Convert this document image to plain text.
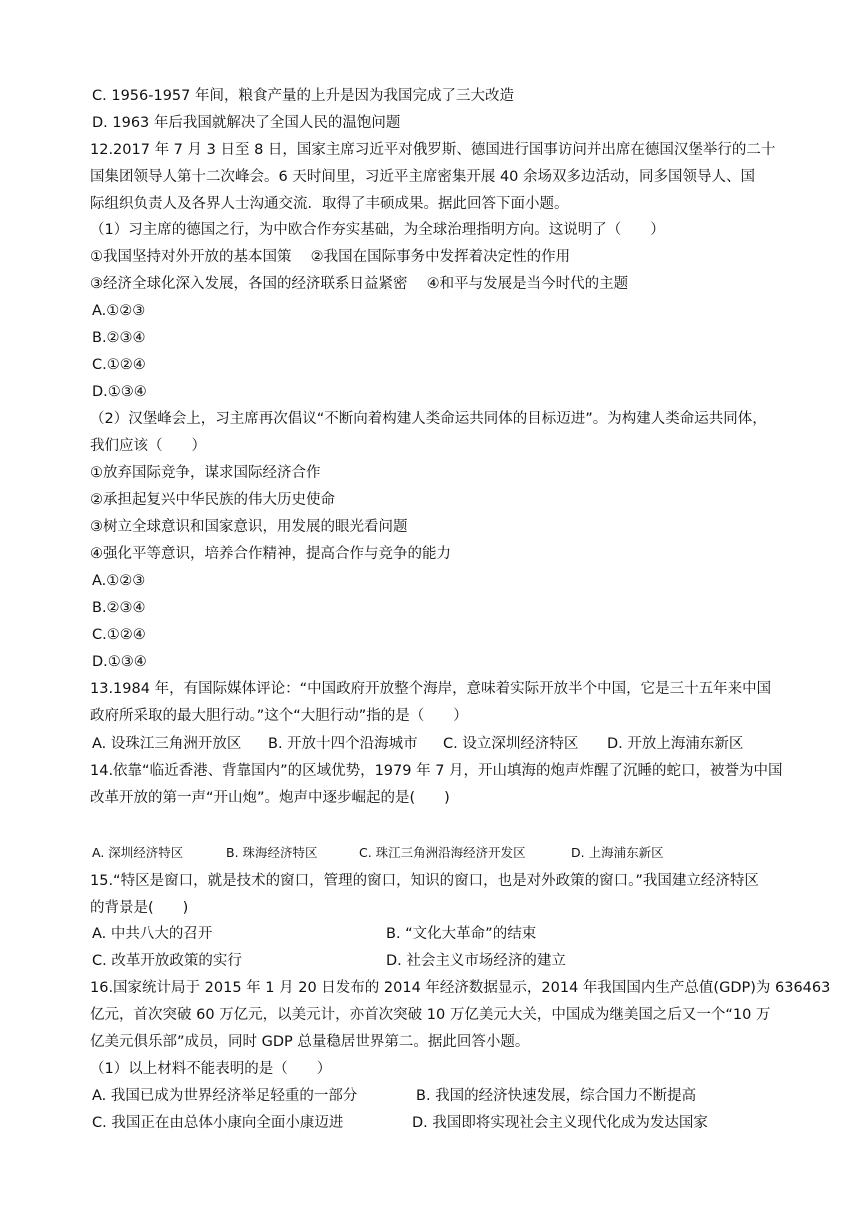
C. 1956-1957 年间，粮食产量的上升是因为我国完成了三大改造
D. 1963 年后我国就解决了全国人民的温饱问题
12.2017 年 7 月 3 日至 8 日，国家主席习近平对俄罗斯、德国进行国事访问并出席在德国汉堡举行的二十
国集团领导人第十二次峰会。6 天时间里，习近平主席密集开展 40 余场双多边活动，同多国领导人、国
际组织负责人及各界人士沟通交流．取得了丰硕成果。据此回答下面小题。
（1）习主席的德国之行，为中欧合作夯实基础，为全球治理指明方向。这说明了（　　）
①我国坚持对外开放的基本国策　 ②我国在国际事务中发挥着决定性的作用
③经济全球化深入发展，各国的经济联系日益紧密　 ④和平与发展是当今时代的主题
A.①②③
B.②③④
C.①②④
D.①③④
（2）汉堡峰会上，习主席再次倡议“不断向着构建人类命运共同体的目标迈进”。为构建人类命运共同体，
我们应该（　　）
①放弃国际竞争，谋求国际经济合作
②承担起复兴中华民族的伟大历史使命
③树立全球意识和国家意识，用发展的眼光看问题
④强化平等意识，培养合作精神，提高合作与竞争的能力
A.①②③
B.②③④
C.①②④
D.①③④
13.1984 年，有国际媒体评论：“中国政府开放整个海岸，意味着实际开放半个中国，它是三十五年来中国
政府所采取的最大胆行动。”这个“大胆行动”指的是（　　）
A. 设珠江三角洲开放区 B. 开放十四个沿海城市 C. 设立深圳经济特区 D. 开放上海浦东新区
14.依靠“临近香港、背靠国内”的区域优势，1979 年 7 月，开山填海的炮声炸醒了沉睡的蛇口，被誉为中国
改革开放的第一声“开山炮”。炮声中逐步崛起的是(　　)
A. 深圳经济特区	B. 珠海经济特区	C. 珠江三角洲沿海经济开发区	D. 上海浦东新区
15.“特区是窗口，就是技术的窗口，管理的窗口，知识的窗口，也是对外政策的窗口。”我国建立经济特区
的背景是(　　)
A. 中共八大的召开	B. “文化大革命”的结束
C. 改革开放政策的实行	D. 社会主义市场经济的建立
16.国家统计局于 2015 年 1 月 20 日发布的 2014 年经济数据显示，2014 年我国国内生产总值(GDP)为 636463
亿元，首次突破 60 万亿元，以美元计，亦首次突破 10 万亿美元大关，中国成为继美国之后又一个“10 万
亿美元俱乐部”成员，同时 GDP 总量稳居世界第二。据此回答小题。
（1）以上材料不能表明的是（　　）
A. 我国已成为世界经济举足轻重的一部分	B. 我国的经济快速发展，综合国力不断提高
C. 我国正在由总体小康向全面小康迈进	D. 我国即将实现社会主义现代化成为发达国家
